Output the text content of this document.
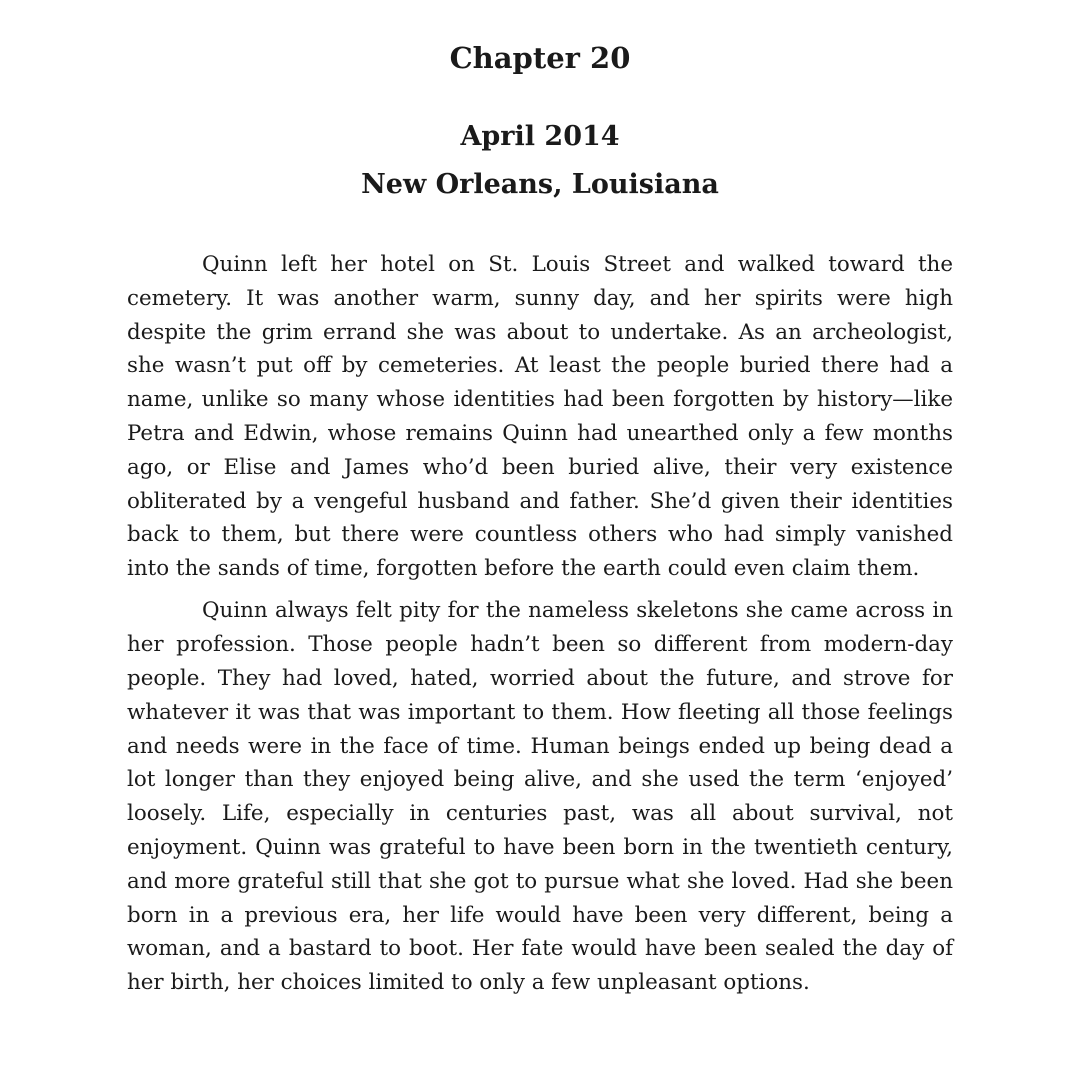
Chapter 20
April 2014
New Orleans, Louisiana

Quinn left her hotel on St. Louis Street and walked toward the cemetery. It was another warm, sunny day, and her spirits were high despite the grim errand she was about to undertake. As an archeologist, she wasn’t put off by cemeteries. At least the people buried there had a name, unlike so many whose identities had been forgotten by history—like Petra and Edwin, whose remains Quinn had unearthed only a few months ago, or Elise and James who’d been buried alive, their very existence obliterated by a vengeful husband and father. She’d given their identities back to them, but there were countless others who had simply vanished into the sands of time, forgotten before the earth could even claim them.

Quinn always felt pity for the nameless skeletons she came across in her profession. Those people hadn’t been so different from modern-day people. They had loved, hated, worried about the future, and strove for whatever it was that was important to them. How fleeting all those feelings and needs were in the face of time. Human beings ended up being dead a lot longer than they enjoyed being alive, and she used the term ‘enjoyed’ loosely. Life, especially in centuries past, was all about survival, not enjoyment. Quinn was grateful to have been born in the twentieth century, and more grateful still that she got to pursue what she loved. Had she been born in a previous era, her life would have been very different, being a woman, and a bastard to boot. Her fate would have been sealed the day of her birth, her choices limited to only a few unpleasant options.
